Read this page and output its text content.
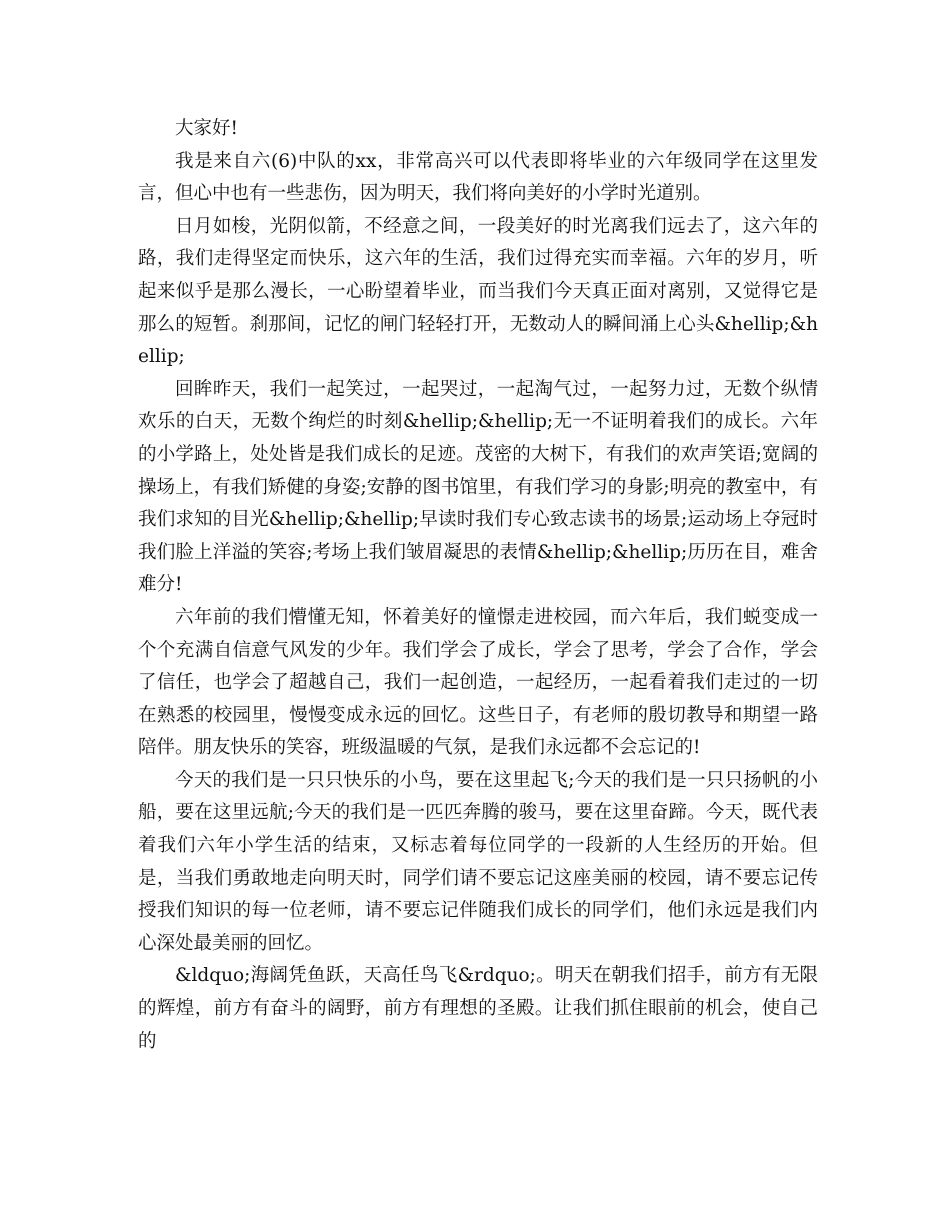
大家好!

我是来自六(6)中队的xx，非常高兴可以代表即将毕业的六年级同学在这里发言，但心中也有一些悲伤，因为明天，我们将向美好的小学时光道别。

日月如梭，光阴似箭，不经意之间，一段美好的时光离我们远去了，这六年的路，我们走得坚定而快乐，这六年的生活，我们过得充实而幸福。六年的岁月，听起来似乎是那么漫长，一心盼望着毕业，而当我们今天真正面对离别，又觉得它是那么的短暂。刹那间，记忆的闸门轻轻打开，无数动人的瞬间涌上心头&hellip;&hellip;

回眸昨天，我们一起笑过，一起哭过，一起淘气过，一起努力过，无数个纵情欢乐的白天，无数个绚烂的时刻&hellip;&hellip;无一不证明着我们的成长。六年的小学路上，处处皆是我们成长的足迹。茂密的大树下，有我们的欢声笑语;宽阔的操场上，有我们矫健的身姿;安静的图书馆里，有我们学习的身影;明亮的教室中，有我们求知的目光&hellip;&hellip;早读时我们专心致志读书的场景;运动场上夺冠时我们脸上洋溢的笑容;考场上我们皱眉凝思的表情&hellip;&hellip;历历在目，难舍难分!

六年前的我们懵懂无知，怀着美好的憧憬走进校园，而六年后，我们蜕变成一个个充满自信意气风发的少年。我们学会了成长，学会了思考，学会了合作，学会了信任，也学会了超越自己，我们一起创造，一起经历，一起看着我们走过的一切在熟悉的校园里，慢慢变成永远的回忆。这些日子，有老师的殷切教导和期望一路陪伴。朋友快乐的笑容，班级温暖的气氛，是我们永远都不会忘记的!

今天的我们是一只只快乐的小鸟，要在这里起飞;今天的我们是一只只扬帆的小船，要在这里远航;今天的我们是一匹匹奔腾的骏马，要在这里奋蹄。今天，既代表着我们六年小学生活的结束，又标志着每位同学的一段新的人生经历的开始。但是，当我们勇敢地走向明天时，同学们请不要忘记这座美丽的校园，请不要忘记传授我们知识的每一位老师，请不要忘记伴随我们成长的同学们，他们永远是我们内心深处最美丽的回忆。

&ldquo;海阔凭鱼跃，天高任鸟飞&rdquo;。明天在朝我们招手，前方有无限的辉煌，前方有奋斗的阔野，前方有理想的圣殿。让我们抓住眼前的机会，使自己的
